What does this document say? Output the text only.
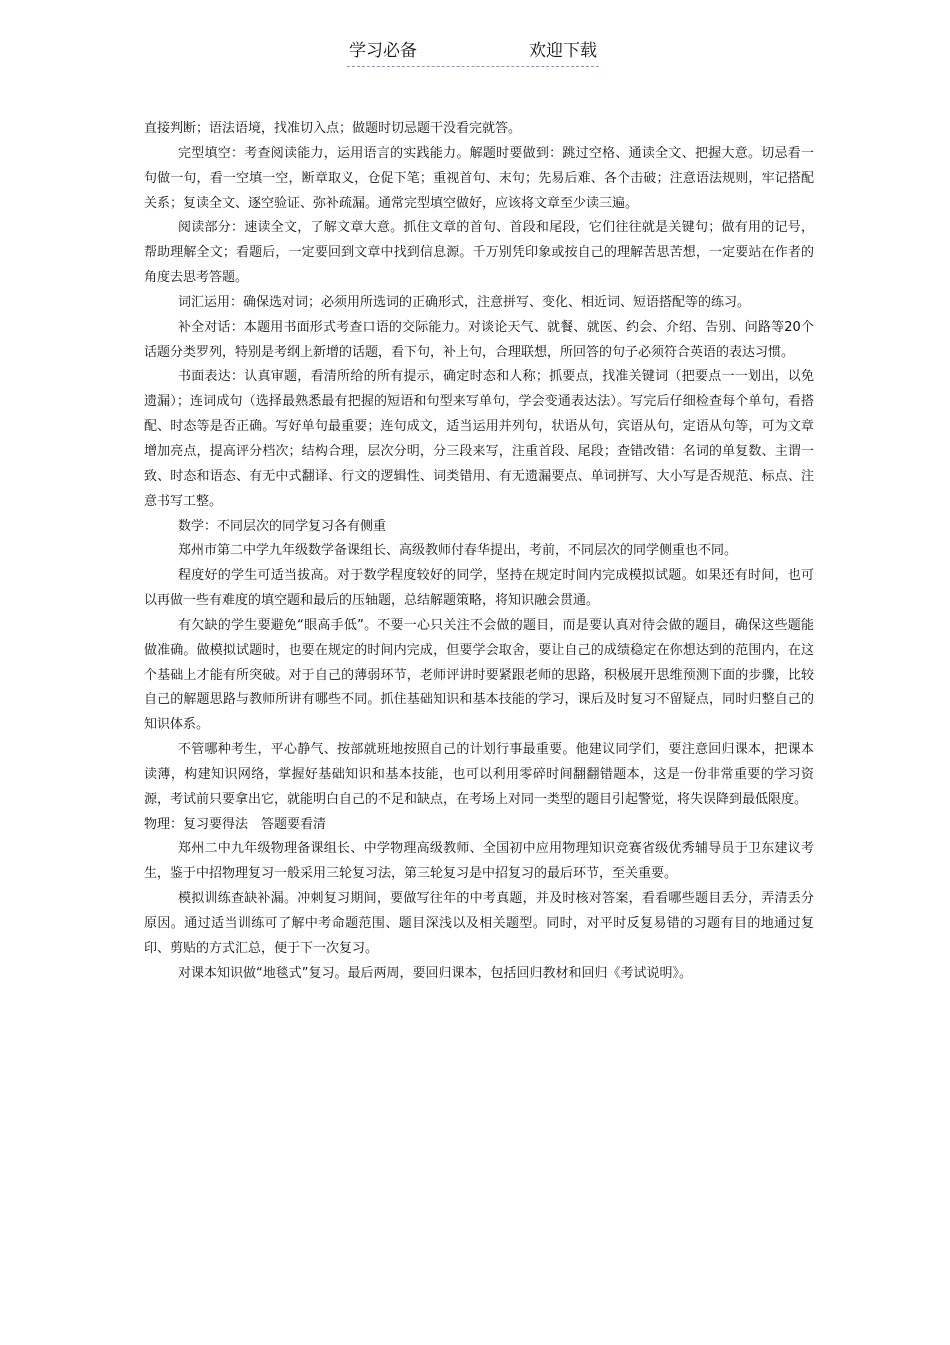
学习必备	欢迎下载

直接判断；语法语境，找准切入点；做题时切忌题干没看完就答。

完型填空：考查阅读能力，运用语言的实践能力。解题时要做到：跳过空格、通读全文、把握大意。切忌看一句做一句，看一空填一空，断章取义，仓促下笔；重视首句、末句；先易后难、各个击破；注意语法规则，牢记搭配关系；复读全文、逐空验证、弥补疏漏。通常完型填空做好，应该将文章至少读三遍。

阅读部分：速读全文，了解文章大意。抓住文章的首句、首段和尾段，它们往往就是关键句；做有用的记号，帮助理解全文；看题后，一定要回到文章中找到信息源。千万别凭印象或按自己的理解苦思苦想，一定要站在作者的角度去思考答题。

词汇运用：确保选对词；必须用所选词的正确形式，注意拼写、变化、相近词、短语搭配等的练习。

补全对话：本题用书面形式考查口语的交际能力。对谈论天气、就餐、就医、约会、介绍、告别、问路等20个话题分类罗列，特别是考纲上新增的话题，看下句，补上句，合理联想，所回答的句子必须符合英语的表达习惯。

书面表达：认真审题，看清所给的所有提示，确定时态和人称；抓要点，找准关键词（把要点一一划出，以免遗漏）；连词成句（选择最熟悉最有把握的短语和句型来写单句，学会变通表达法）。写完后仔细检查每个单句，看搭配、时态等是否正确。写好单句最重要；连句成文，适当运用并列句，状语从句，宾语从句，定语从句等，可为文章增加亮点，提高评分档次；结构合理，层次分明，分三段来写，注重首段、尾段；查错改错：名词的单复数、主谓一致、时态和语态、有无中式翻译、行文的逻辑性、词类错用、有无遗漏要点、单词拼写、大小写是否规范、标点、注意书写工整。

数学：不同层次的同学复习各有侧重

郑州市第二中学九年级数学备课组长、高级教师付春华提出，考前，不同层次的同学侧重也不同。

程度好的学生可适当拔高。对于数学程度较好的同学，坚持在规定时间内完成模拟试题。如果还有时间，也可以再做一些有难度的填空题和最后的压轴题，总结解题策略，将知识融会贯通。

有欠缺的学生要避免“眼高手低”。不要一心只关注不会做的题目，而是要认真对待会做的题目，确保这些题能做准确。做模拟试题时，也要在规定的时间内完成，但要学会取舍，要让自己的成绩稳定在你想达到的范围内，在这个基础上才能有所突破。对于自己的薄弱环节，老师评讲时要紧跟老师的思路，积极展开思维预测下面的步骤，比较自己的解题思路与教师所讲有哪些不同。抓住基础知识和基本技能的学习，课后及时复习不留疑点，同时归整自己的知识体系。

不管哪种考生，平心静气、按部就班地按照自己的计划行事最重要。他建议同学们，要注意回归课本，把课本读薄，构建知识网络，掌握好基础知识和基本技能，也可以利用零碎时间翻翻错题本，这是一份非常重要的学习资源，考试前只要拿出它，就能明白自己的不足和缺点，在考场上对同一类型的题目引起警觉，将失误降到最低限度。

物理：复习要得法　答题要看清

郑州二中九年级物理备课组长、中学物理高级教师、全国初中应用物理知识竞赛省级优秀辅导员于卫东建议考生，鉴于中招物理复习一般采用三轮复习法，第三轮复习是中招复习的最后环节，至关重要。

模拟训练查缺补漏。冲刺复习期间，要做写往年的中考真题，并及时核对答案，看看哪些题目丢分，弄清丢分原因。通过适当训练可了解中考命题范围、题目深浅以及相关题型。同时，对平时反复易错的习题有目的地通过复印、剪贴的方式汇总，便于下一次复习。

对课本知识做“地毯式”复习。最后两周，要回归课本，包括回归教材和回归《考试说明》。
